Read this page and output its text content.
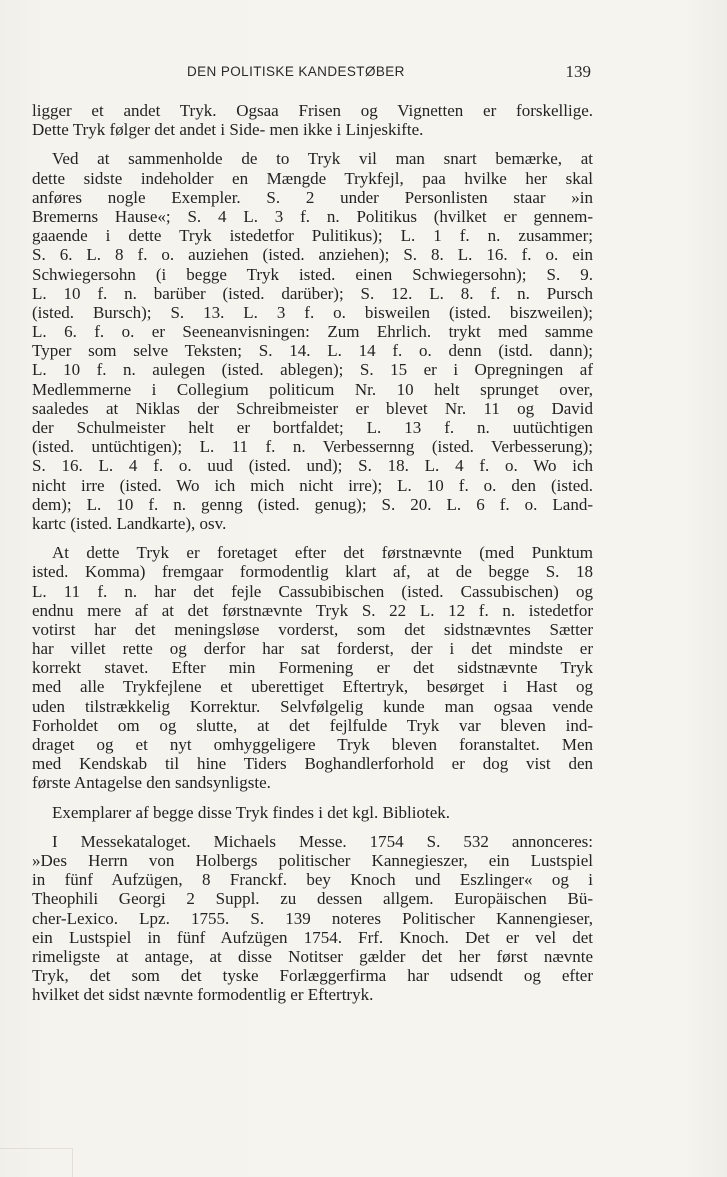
DEN POLITISKE KANDESTØBER	139
ligger et andet Tryk. Ogsaa Frisen og Vignetten er forskellige.
Dette Tryk følger det andet i Side- men ikke i Linjeskifte.
Ved at sammenholde de to Tryk vil man snart bemærke, at
dette sidste indeholder en Mængde Trykfejl, paa hvilke her skal
anføres nogle Exempler. S. 2 under Personlisten staar »in
Bremerns Hause«; S. 4 L. 3 f. n. Politikus (hvilket er gennem-
gaaende i dette Tryk istedetfor Pulitikus); L. 1 f. n. zusammer;
S. 6. L. 8 f. o. auziehen (isted. anziehen); S. 8. L. 16. f. o. ein
Schwiegersohn (i begge Tryk isted. einen Schwiegersohn); S. 9.
L. 10 f. n. barüber (isted. darüber); S. 12. L. 8. f. n. Pursch
(isted. Bursch); S. 13. L. 3 f. o. bisweilen (isted. biszweilen);
L. 6. f. o. er Seeneanvisningen: Zum Ehrlich. trykt med samme
Typer som selve Teksten; S. 14. L. 14 f. o. denn (istd. dann);
L. 10 f. n. aulegen (isted. ablegen); S. 15 er i Opregningen af
Medlemmerne i Collegium politicum Nr. 10 helt sprunget over,
saaledes at Niklas der Schreibmeister er blevet Nr. 11 og David
der Schulmeister helt er bortfaldet; L. 13 f. n. uutüchtigen
(isted. untüchtigen); L. 11 f. n. Verbessernng (isted. Verbesserung);
S. 16. L. 4 f. o. uud (isted. und); S. 18. L. 4 f. o. Wo ich
nicht irre (isted. Wo ich mich nicht irre); L. 10 f. o. den (isted.
dem); L. 10 f. n. genng (isted. genug); S. 20. L. 6 f. o. Land-
kartc (isted. Landkarte), osv.
At dette Tryk er foretaget efter det førstnævnte (med Punktum
isted. Komma) fremgaar formodentlig klart af, at de begge S. 18
L. 11 f. n. har det fejle Cassubibischen (isted. Cassubischen) og
endnu mere af at det førstnævnte Tryk S. 22 L. 12 f. n. istedetfor
votirst har det meningsløse vorderst, som det sidstnævntes Sætter
har villet rette og derfor har sat forderst, der i det mindste er
korrekt stavet. Efter min Formening er det sidstnævnte Tryk
med alle Trykfejlene et uberettiget Eftertryk, besørget i Hast og
uden tilstrækkelig Korrektur. Selvfølgelig kunde man ogsaa vende
Forholdet om og slutte, at det fejlfulde Tryk var bleven ind-
draget og et nyt omhyggeligere Tryk bleven foranstaltet. Men
med Kendskab til hine Tiders Boghandlerforhold er dog vist den
første Antagelse den sandsynligste.
Exemplarer af begge disse Tryk findes i det kgl. Bibliotek.
I Messekataloget. Michaels Messe. 1754 S. 532 annonceres:
»Des Herrn von Holbergs politischer Kannegieszer, ein Lustspiel
in fünf Aufzügen, 8 Franckf. bey Knoch und Eszlinger« og i
Theophili Georgi 2 Suppl. zu dessen allgem. Europäischen Bü-
cher-Lexico. Lpz. 1755. S. 139 noteres Politischer Kannengieser,
ein Lustspiel in fünf Aufzügen 1754. Frf. Knoch. Det er vel det
rimeligste at antage, at disse Notitser gælder det her først nævnte
Tryk, det som det tyske Forlæggerfirma har udsendt og efter
hvilket det sidst nævnte formodentlig er Eftertryk.
